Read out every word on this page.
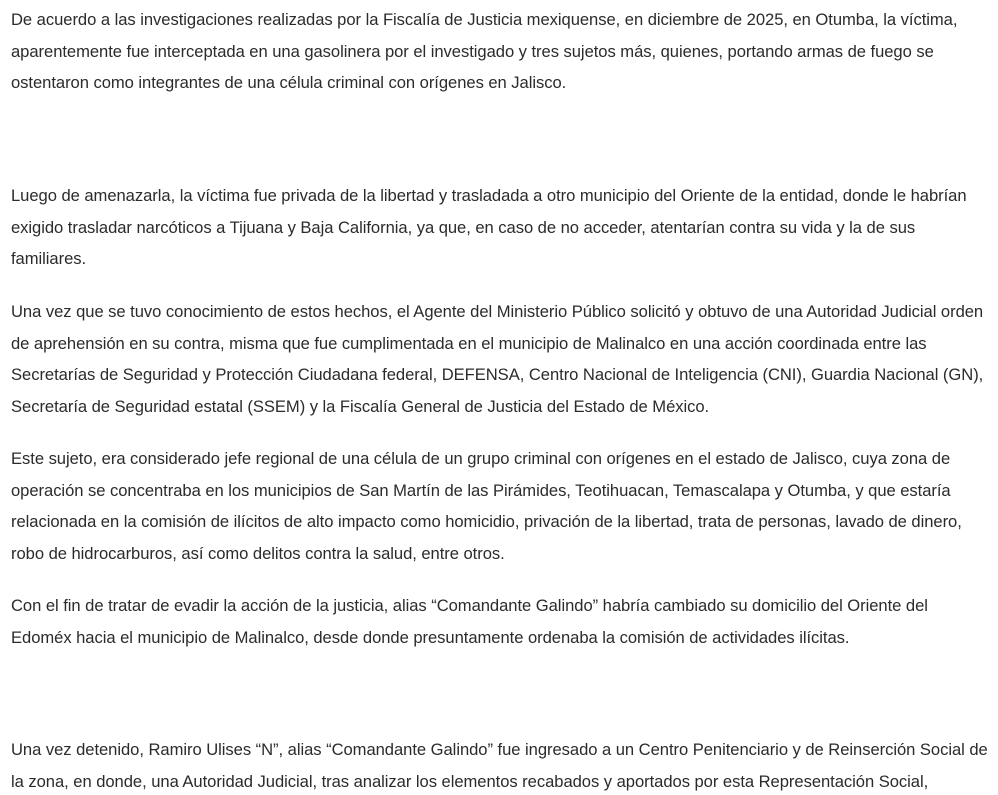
De acuerdo a las investigaciones realizadas por la Fiscalía de Justicia mexiquense, en diciembre de 2025, en Otumba, la víctima, aparentemente fue interceptada en una gasolinera por el investigado y tres sujetos más, quienes, portando armas de fuego se ostentaron como integrantes de una célula criminal con orígenes en Jalisco.

Luego de amenazarla, la víctima fue privada de la libertad y trasladada a otro municipio del Oriente de la entidad, donde le habrían exigido trasladar narcóticos a Tijuana y Baja California, ya que, en caso de no acceder, atentarían contra su vida y la de sus familiares.

Una vez que se tuvo conocimiento de estos hechos, el Agente del Ministerio Público solicitó y obtuvo de una Autoridad Judicial orden de aprehensión en su contra, misma que fue cumplimentada en el municipio de Malinalco en una acción coordinada entre las Secretarías de Seguridad y Protección Ciudadana federal, DEFENSA, Centro Nacional de Inteligencia (CNI), Guardia Nacional (GN), Secretaría de Seguridad estatal (SSEM) y la Fiscalía General de Justicia del Estado de México.

Este sujeto, era considerado jefe regional de una célula de un grupo criminal con orígenes en el estado de Jalisco, cuya zona de operación se concentraba en los municipios de San Martín de las Pirámides, Teotihuacan, Temascalapa y Otumba, y que estaría relacionada en la comisión de ilícitos de alto impacto como homicidio, privación de la libertad, trata de personas, lavado de dinero, robo de hidrocarburos, así como delitos contra la salud, entre otros.

Con el fin de tratar de evadir la acción de la justicia, alias “Comandante Galindo” habría cambiado su domicilio del Oriente del Edoméx hacia el municipio de Malinalco, desde donde presuntamente ordenaba la comisión de actividades ilícitas.

Una vez detenido, Ramiro Ulises “N”, alias “Comandante Galindo” fue ingresado a un Centro Penitenciario y de Reinserción Social de la zona, en donde, una Autoridad Judicial, tras analizar los elementos recabados y aportados por esta Representación Social,
